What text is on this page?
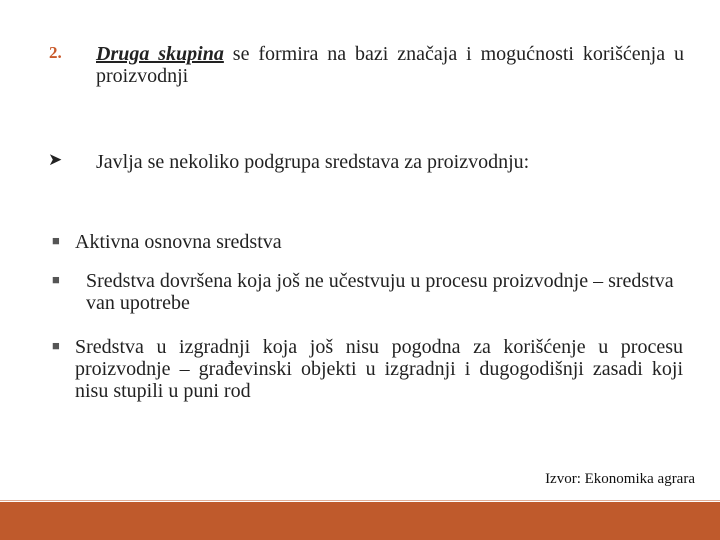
2. Druga skupina se formira na bazi značaja i mogućnosti korišćenja u proizvodnji
➤ Javlja se nekoliko podgrupa sredstava za proizvodnju:
■ Aktivna osnovna sredstva
■ Sredstva dovršena koja još ne učestvuju u procesu proizvodnje – sredstva van upotrebe
■ Sredstva u izgradnji koja još nisu pogodna za korišćenje u procesu proizvodnje – građevinski objekti u izgradnji i dugogodišnji zasadi koji nisu stupili u puni rod
Izvor: Ekonomika agrara
